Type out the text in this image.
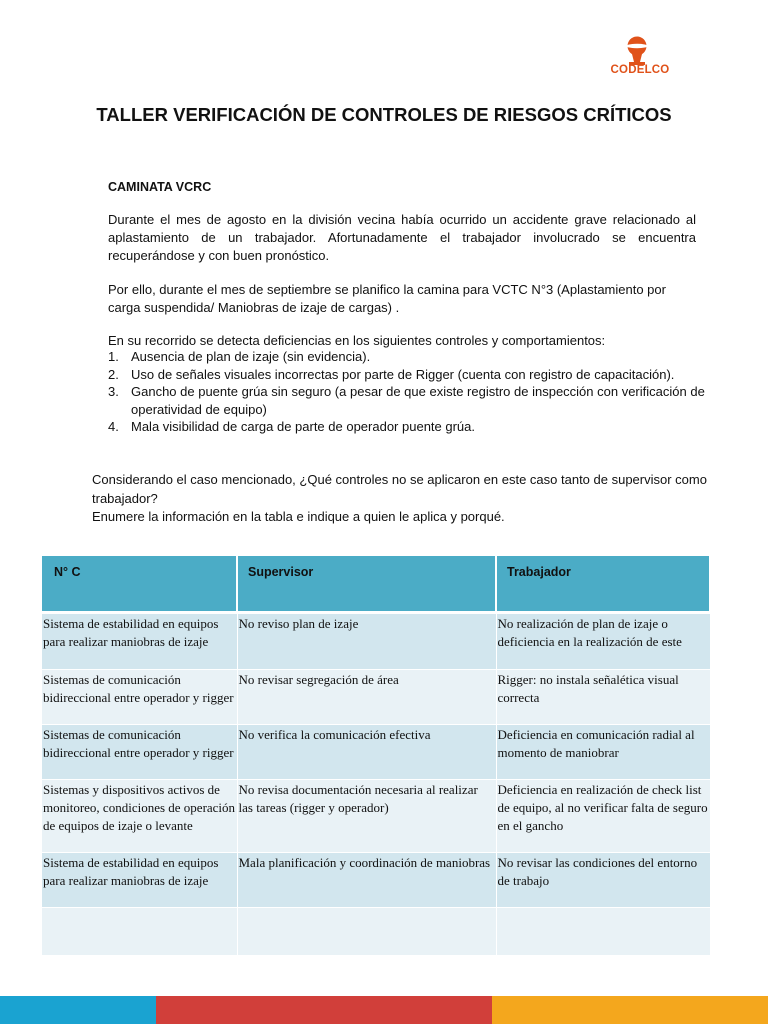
CODELCO
TALLER VERIFICACIÓN DE CONTROLES DE RIESGOS CRÍTICOS
CAMINATA VCRC
Durante el mes de agosto en la división vecina había ocurrido un accidente grave relacionado al aplastamiento de un trabajador. Afortunadamente el trabajador involucrado se encuentra recuperándose y con buen pronóstico.
Por ello, durante el mes de septiembre se planifico la camina para VCTC N°3 (Aplastamiento por carga suspendida/ Maniobras de izaje de cargas) .
En su recorrido se detecta deficiencias en los siguientes controles y comportamientos:
1. Ausencia de plan de izaje (sin evidencia).
2. Uso de señales visuales incorrectas por parte de Rigger (cuenta con registro de capacitación).
3. Gancho de puente grúa sin seguro (a pesar de que existe registro de inspección con verificación de operatividad de equipo)
4. Mala visibilidad de carga de parte de operador puente grúa.
Considerando el caso mencionado, ¿Qué controles no se aplicaron en este caso tanto de supervisor como trabajador?
Enumere la información en la tabla e indique a quien le aplica y porqué.
N° C	Supervisor	Trabajador
Sistema de estabilidad en equipos para realizar maniobras de izaje	No reviso plan de izaje	No realización de plan de izaje o deficiencia en la realización de este
Sistemas de comunicación bidireccional entre operador y rigger	No revisar segregación de área	Rigger: no instala señalética visual correcta
Sistemas de comunicación bidireccional entre operador y rigger	No verifica la comunicación efectiva	Deficiencia en comunicación radial al momento de maniobrar
Sistemas y dispositivos activos de monitoreo, condiciones de operación de equipos de izaje o levante	No revisa documentación necesaria al realizar las tareas (rigger y operador)	Deficiencia en realización de check list de equipo, al no verificar falta de seguro en el gancho
Sistema de estabilidad en equipos para realizar maniobras de izaje	Mala planificación y coordinación de maniobras	No revisar las condiciones del entorno de trabajo
